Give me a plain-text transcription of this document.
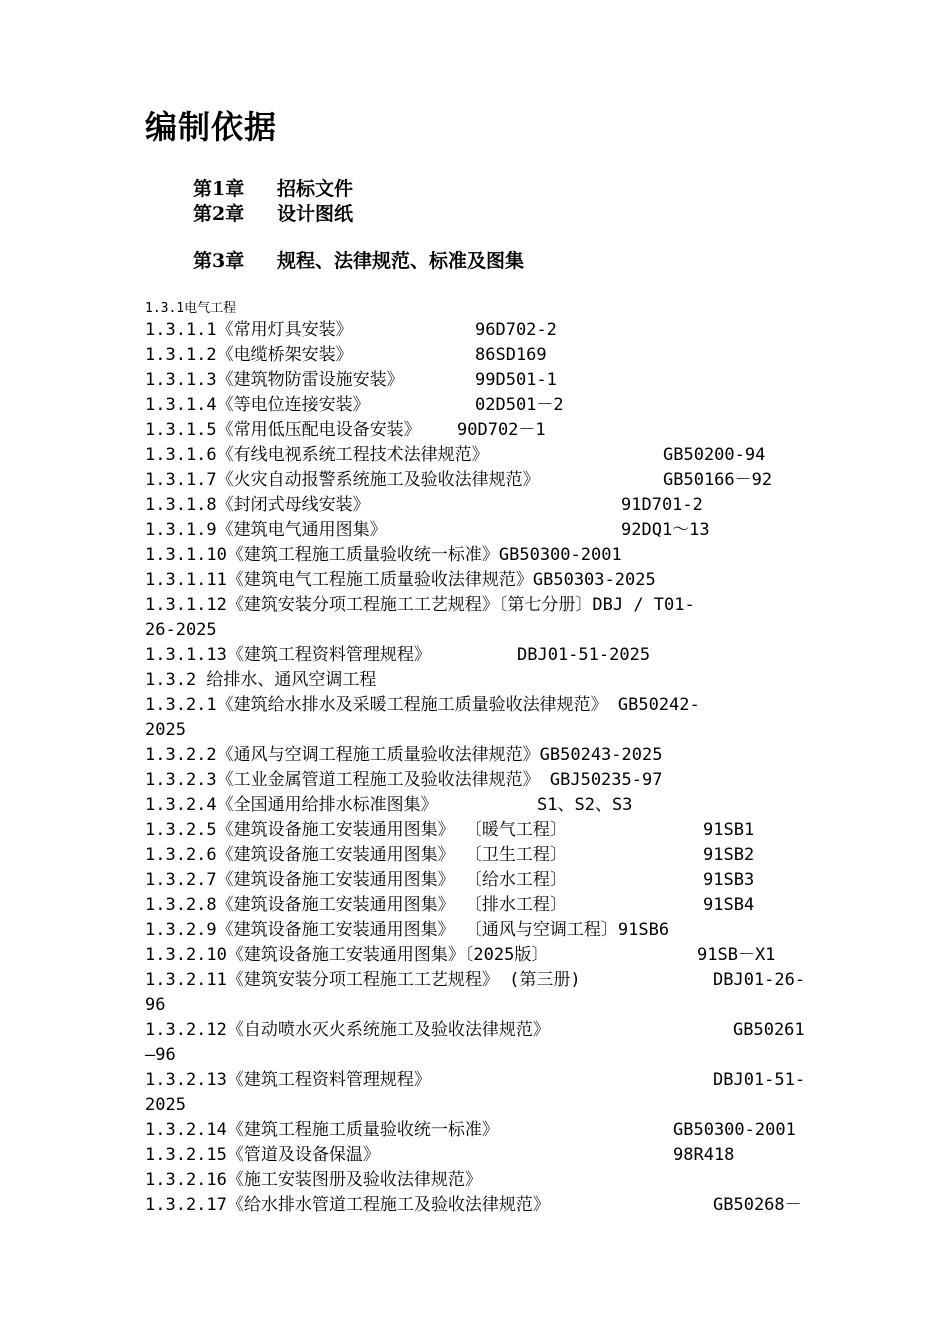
编制依据
第1章 招标文件
第2章 设计图纸
第3章 规程、法律规范、标准及图集
1.3.1电气工程
1.3.1.1《常用灯具安装》	96D702-2
1.3.1.2《电缆桥架安装》	86SD169
1.3.1.3《建筑物防雷设施安装》	99D501-1
1.3.1.4《等电位连接安装》	02D501－2
1.3.1.5《常用低压配电设备安装》 90D702－1
1.3.1.6《有线电视系统工程技术法律规范》	GB50200-94
1.3.1.7《火灾自动报警系统施工及验收法律规范》	GB50166－92
1.3.1.8《封闭式母线安装》	91D701-2
1.3.1.9《建筑电气通用图集》	92DQ1～13
1.3.1.10《建筑工程施工质量验收统一标准》GB50300-2001
1.3.1.11《建筑电气工程施工质量验收法律规范》GB50303-2025
1.3.1.12《建筑安装分项工程施工工艺规程》〔第七分册〕DBJ / T01-
26-2025
1.3.1.13《建筑工程资料管理规程》	DBJ01-51-2025
1.3.2 给排水、通风空调工程
1.3.2.1《建筑给水排水及采暖工程施工质量验收法律规范》 GB50242-
2025
1.3.2.2《通风与空调工程施工质量验收法律规范》GB50243-2025
1.3.2.3《工业金属管道工程施工及验收法律规范》 GBJ50235-97
1.3.2.4《全国通用给排水标准图集》	S1、S2、S3
1.3.2.5《建筑设备施工安装通用图集》 〔暖气工程〕	91SB1
1.3.2.6《建筑设备施工安装通用图集》 〔卫生工程〕	91SB2
1.3.2.7《建筑设备施工安装通用图集》 〔给水工程〕	91SB3
1.3.2.8《建筑设备施工安装通用图集》 〔排水工程〕	91SB4
1.3.2.9《建筑设备施工安装通用图集》 〔通风与空调工程〕91SB6
1.3.2.10《建筑设备施工安装通用图集》〔2025版〕	91SB－X1
1.3.2.11《建筑安装分项工程施工工艺规程》 (第三册)	DBJ01-26-
96
1.3.2.12《自动喷水灭火系统施工及验收法律规范》	GB50261
—96
1.3.2.13《建筑工程资料管理规程》	DBJ01-51-
2025
1.3.2.14《建筑工程施工质量验收统一标准》	GB50300-2001
1.3.2.15《管道及设备保温》	98R418
1.3.2.16《施工安装图册及验收法律规范》
1.3.2.17《给水排水管道工程施工及验收法律规范》	GB50268－
